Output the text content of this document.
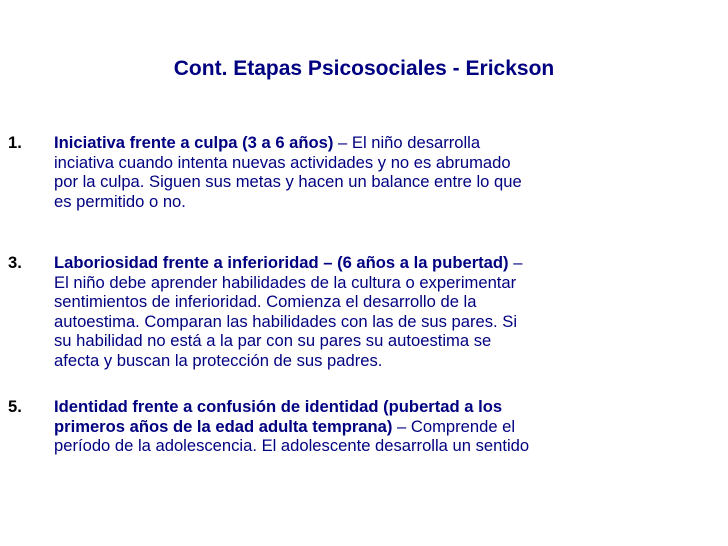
Cont. Etapas Psicosociales - Erickson
1. Iniciativa frente a culpa (3 a 6 años) – El niño desarrolla
inciativa cuando intenta nuevas actividades y no es abrumado
por la culpa. Siguen sus metas y hacen un balance entre lo que
es permitido o no.
3. Laboriosidad frente a inferioridad – (6 años a la pubertad) –
El niño debe aprender habilidades de la cultura o experimentar
sentimientos de inferioridad. Comienza el desarrollo de la
autoestima. Comparan las habilidades con las de sus pares. Si
su habilidad no está a la par con su pares su autoestima se
afecta y buscan la protección de sus padres.
5. Identidad frente a confusión de identidad (pubertad a los
primeros años de la edad adulta temprana) – Comprende el
período de la adolescencia. El adolescente desarrolla un sentido
